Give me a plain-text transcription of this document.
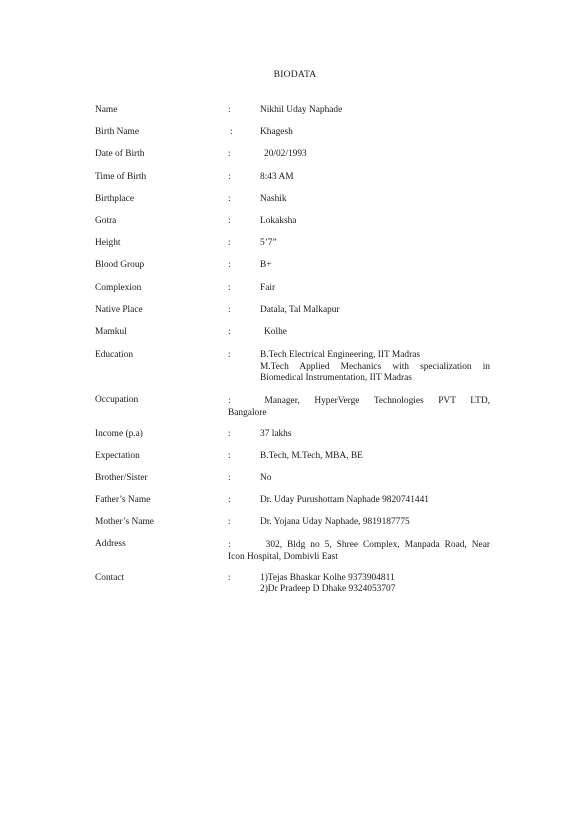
BIODATA
Name	:	Nikhil Uday Naphade
Birth Name	:	Khagesh
Date of Birth	:	20/02/1993
Time of Birth	:	8:43 AM
Birthplace	:	Nashik
Gotra	:	Lokaksha
Height	:	5’7”
Blood Group	:	B+
Complexion	:	Fair
Native Place	:	Datala, Tal Malkapur
Mamkul	:	Kolhe
Education	:	B.Tech Electrical Engineering, IIT Madras
M.Tech Applied Mechanics with specialization in
Biomedical Instrumentation, IIT Madras
Occupation	:       Manager,   HyperVerge   Technologies   PVT   LTD,
Bangalore
Income (p.a)	:	37 lakhs
Expectation	:	B.Tech, M.Tech, MBA, BE
Brother/Sister	:	No
Father’s Name	:	Dr. Uday Purushottam Naphade 9820741441
Mother’s Name	:	Dr. Yojana Uday Naphade, 9819187775
Address	:       302, Bldg no 5, Shree Complex, Manpada Road, Near
Icon Hospital, Dombivli East
Contact	:	1)Tejas Bhaskar Kolhe 9373904811
2)Dr Pradeep D Dhake 9324053707
